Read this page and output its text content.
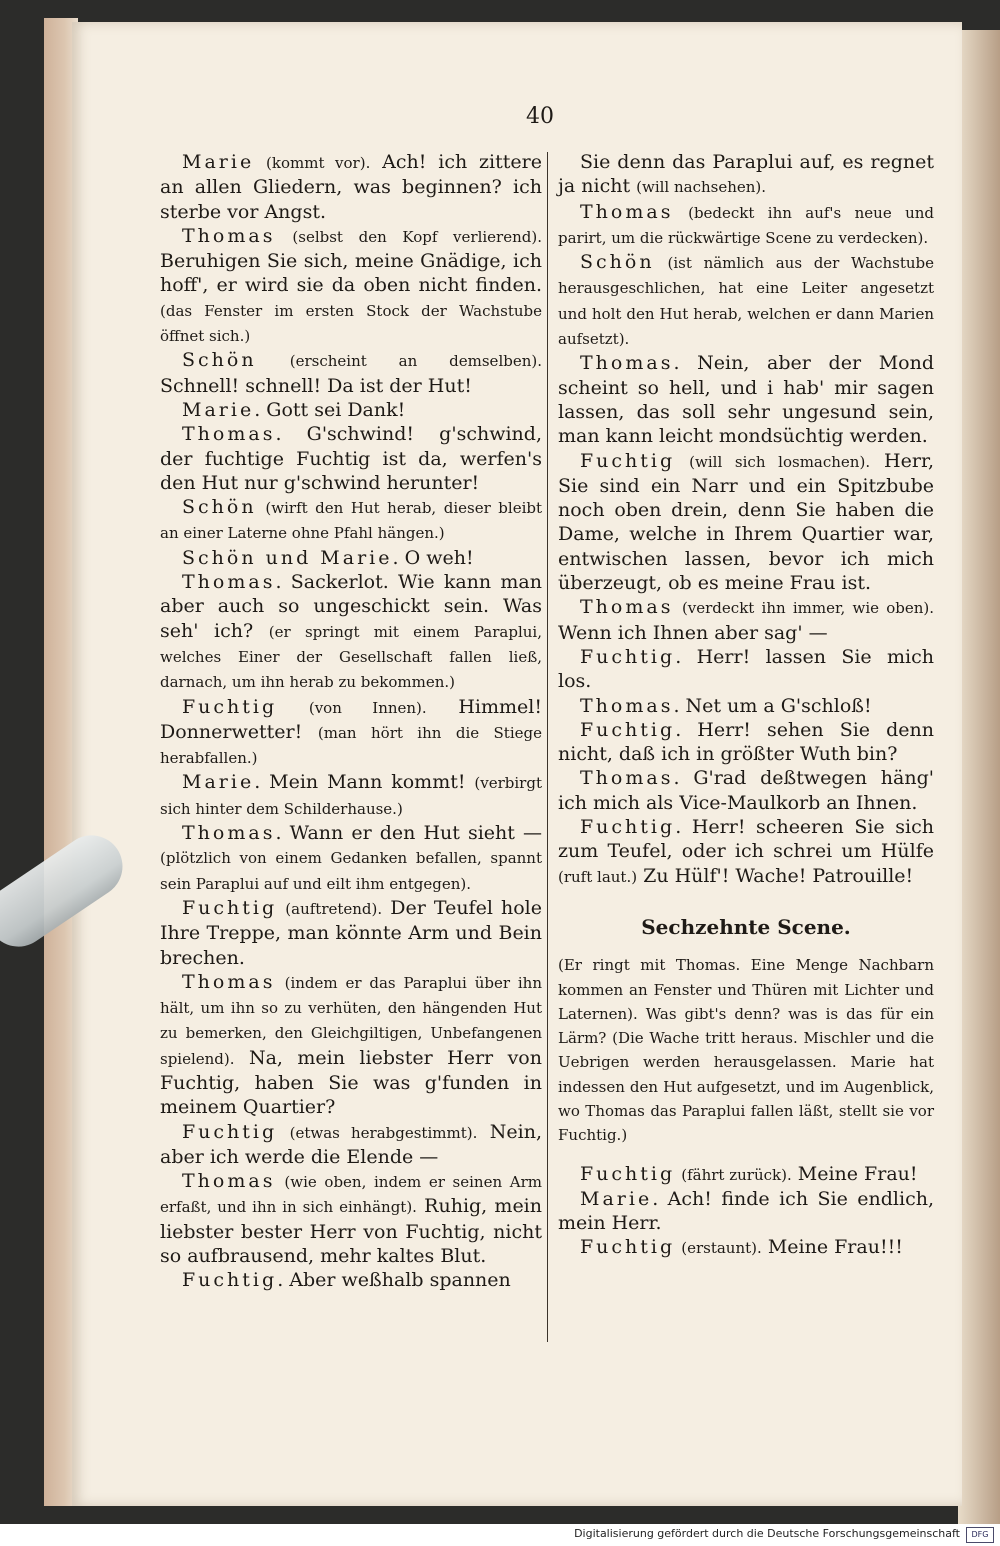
40

Marie (kommt vor). Ach! ich zittere an allen Gliedern, was beginnen? ich sterbe vor Angst.

Thomas (selbst den Kopf verlierend). Beruhigen Sie sich, meine Gnädige, ich hoff', er wird sie da oben nicht finden. (das Fenster im ersten Stock der Wachstube öffnet sich.)

Schön (erscheint an demselben). Schnell! schnell! Da ist der Hut!

Marie. Gott sei Dank!

Thomas. G'schwind! g'schwind, der fuchtige Fuchtig ist da, werfen's den Hut nur g'schwind herunter!

Schön (wirft den Hut herab, dieser bleibt an einer Laterne ohne Pfahl hängen.)

Schön und Marie. O weh!

Thomas. Sackerlot. Wie kann man aber auch so ungeschickt sein. Was seh' ich? (er springt mit einem Paraplui, welches Einer der Gesellschaft fallen ließ, darnach, um ihn herab zu bekommen.)

Fuchtig (von Innen). Himmel! Donnerwetter! (man hört ihn die Stiege herabfallen.)

Marie. Mein Mann kommt! (verbirgt sich hinter dem Schilderhause.)

Thomas. Wann er den Hut sieht — (plötzlich von einem Gedanken befallen, spannt sein Paraplui auf und eilt ihm entgegen).

Fuchtig (auftretend). Der Teufel hole Ihre Treppe, man könnte Arm und Bein brechen.

Thomas (indem er das Paraplui über ihn hält, um ihn so zu verhüten, den hängenden Hut zu bemerken, den Gleichgiltigen, Unbefangenen spielend). Na, mein liebster Herr von Fuchtig, haben Sie was g'funden in meinem Quartier?

Fuchtig (etwas herabgestimmt). Nein, aber ich werde die Elende —

Thomas (wie oben, indem er seinen Arm erfaßt, und ihn in sich einhängt). Ruhig, mein liebster bester Herr von Fuchtig, nicht so aufbrausend, mehr kaltes Blut.

Fuchtig. Aber weßhalb spannen

Sie denn das Paraplui auf, es regnet ja nicht (will nachsehen).

Thomas (bedeckt ihn auf's neue und parirt, um die rückwärtige Scene zu verdecken).

Schön (ist nämlich aus der Wachstube herausgeschlichen, hat eine Leiter angesetzt und holt den Hut herab, welchen er dann Marien aufsetzt).

Thomas. Nein, aber der Mond scheint so hell, und i hab' mir sagen lassen, das soll sehr ungesund sein, man kann leicht mondsüchtig werden.

Fuchtig (will sich losmachen). Herr, Sie sind ein Narr und ein Spitzbube noch oben drein, denn Sie haben die Dame, welche in Ihrem Quartier war, entwischen lassen, bevor ich mich überzeugt, ob es meine Frau ist.

Thomas (verdeckt ihn immer, wie oben). Wenn ich Ihnen aber sag' —

Fuchtig. Herr! lassen Sie mich los.

Thomas. Net um a G'schloß!

Fuchtig. Herr! sehen Sie denn nicht, daß ich in größter Wuth bin?

Thomas. G'rad deßtwegen häng' ich mich als Vice-Maulkorb an Ihnen.

Fuchtig. Herr! scheeren Sie sich zum Teufel, oder ich schrei um Hülfe (ruft laut.) Zu Hülf'! Wache! Patrouille!

Sechzehnte Scene.

(Er ringt mit Thomas. Eine Menge Nachbarn kommen an Fenster und Thüren mit Lichter und Laternen). Was gibt's denn? was is das für ein Lärm? (Die Wache tritt heraus. Mischler und die Uebrigen werden herausgelassen. Marie hat indessen den Hut aufgesetzt, und im Augenblick, wo Thomas das Paraplui fallen läßt, stellt sie vor Fuchtig.)

Fuchtig (fährt zurück). Meine Frau!

Marie. Ach! finde ich Sie endlich, mein Herr.

Fuchtig (erstaunt). Meine Frau!!!

Digitalisierung gefördert durch die Deutsche Forschungsgemeinschaft	DFG
